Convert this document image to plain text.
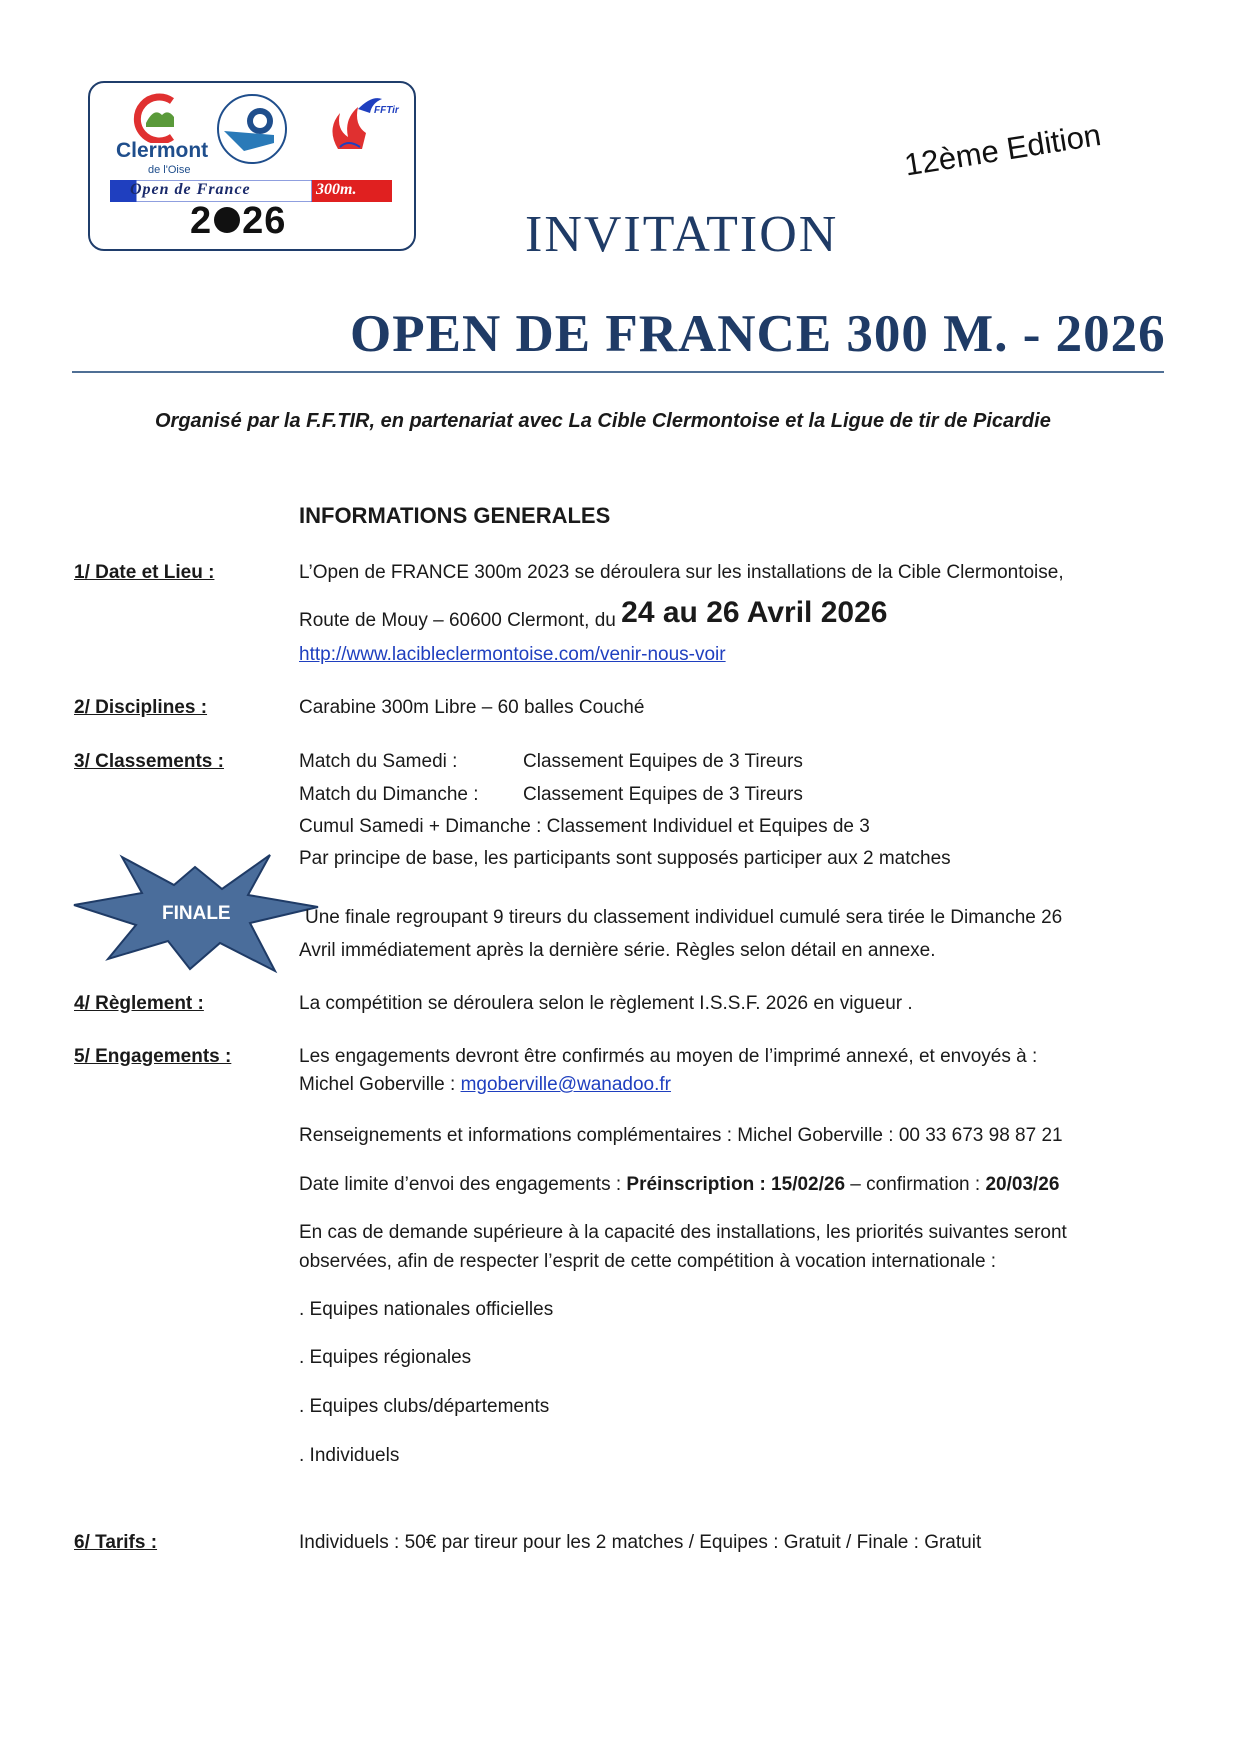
Clermont
de l'Oise
FFTir
Open de France	300m.
2 26	INVITATION
12ème Edition
OPEN DE FRANCE 300 M. - 2026
Organisé par la F.F.TIR, en partenariat avec La Cible Clermontoise et la Ligue de tir de Picardie
INFORMATIONS GENERALES
1/ Date et Lieu :	L’Open de FRANCE 300m 2023 se déroulera sur les installations de la Cible Clermontoise,
Route de Mouy – 60600 Clermont, du 24 au 26 Avril 2026
http://www.lacibleclermontoise.com/venir-nous-voir
2/ Disciplines :	Carabine 300m Libre – 60 balles Couché
3/ Classements :	Match du Samedi :	Classement Equipes de 3 Tireurs
Match du Dimanche : Classement Equipes de 3 Tireurs
Cumul Samedi + Dimanche : Classement Individuel et Equipes de 3
Par principe de base, les participants sont supposés participer aux 2 matches
FINALE	Une finale regroupant 9 tireurs du classement individuel cumulé sera tirée le Dimanche 26
Avril immédiatement après la dernière série. Règles selon détail en annexe.
4/ Règlement :	La compétition se déroulera selon le règlement I.S.S.F. 2026 en vigueur .
5/ Engagements :	Les engagements devront être confirmés au moyen de l’imprimé annexé, et envoyés à :
Michel Goberville : mgoberville@wanadoo.fr
Renseignements et informations complémentaires : Michel Goberville : 00 33 673 98 87 21
Date limite d’envoi des engagements : Préinscription : 15/02/26 – confirmation : 20/03/26
En cas de demande supérieure à la capacité des installations, les priorités suivantes seront
observées, afin de respecter l’esprit de cette compétition à vocation internationale :
. Equipes nationales officielles
. Equipes régionales
. Equipes clubs/départements
. Individuels
6/ Tarifs :	Individuels : 50€ par tireur pour les 2 matches / Equipes : Gratuit / Finale : Gratuit
